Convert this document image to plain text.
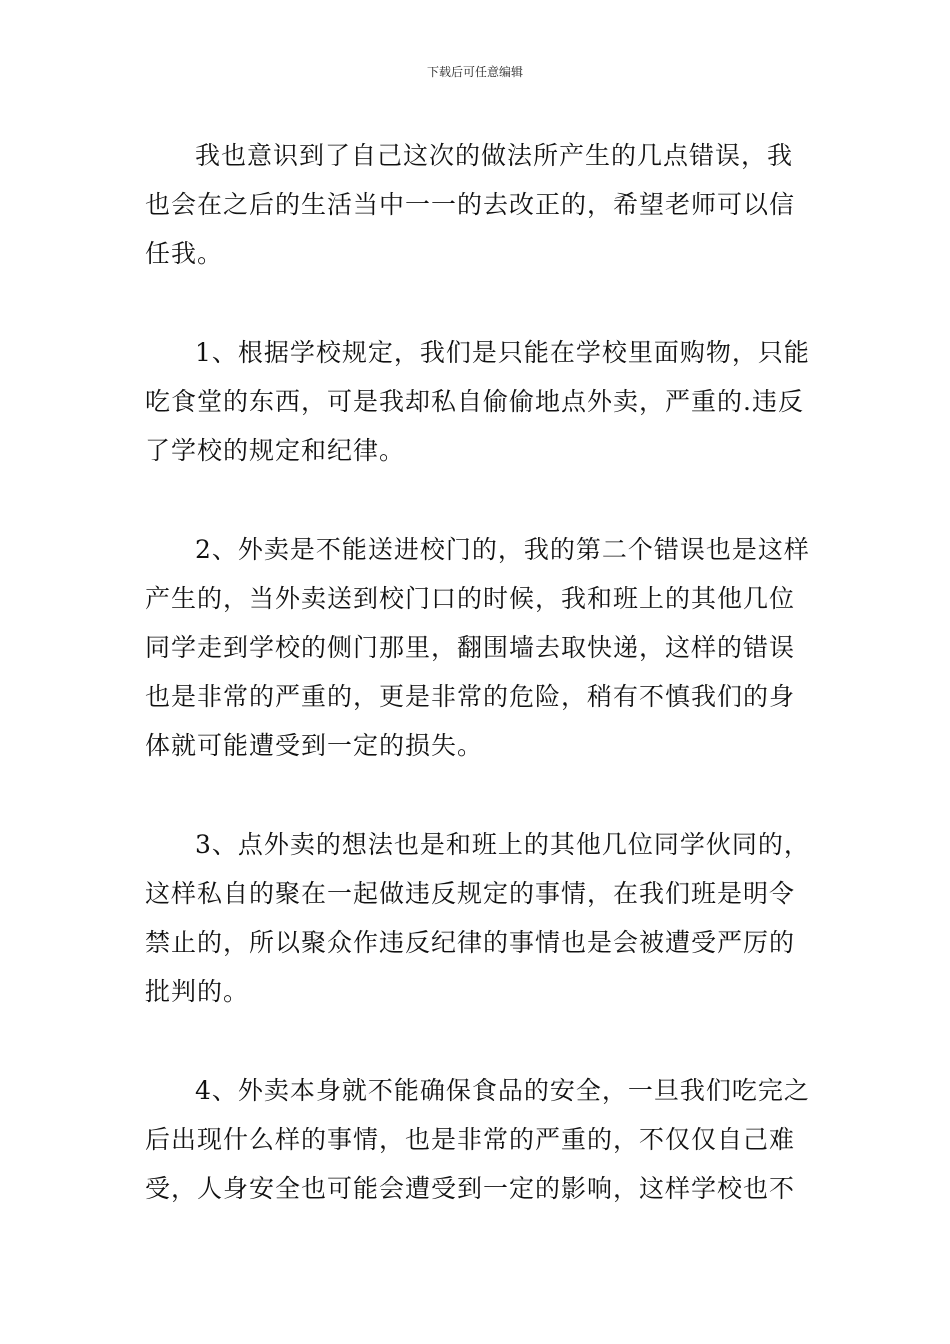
下载后可任意编辑

我也意识到了自己这次的做法所产生的几点错误，我
也会在之后的生活当中一一的去改正的，希望老师可以信
任我。

1、根据学校规定，我们是只能在学校里面购物，只能
吃食堂的东西，可是我却私自偷偷地点外卖，严重的.违反
了学校的规定和纪律。

2、外卖是不能送进校门的，我的第二个错误也是这样
产生的，当外卖送到校门口的时候，我和班上的其他几位
同学走到学校的侧门那里，翻围墙去取快递，这样的错误
也是非常的严重的，更是非常的危险，稍有不慎我们的身
体就可能遭受到一定的损失。

3、点外卖的想法也是和班上的其他几位同学伙同的，
这样私自的聚在一起做违反规定的事情，在我们班是明令
禁止的，所以聚众作违反纪律的事情也是会被遭受严厉的
批判的。

4、外卖本身就不能确保食品的安全，一旦我们吃完之
后出现什么样的事情，也是非常的严重的，不仅仅自己难
受，人身安全也可能会遭受到一定的影响，这样学校也不
